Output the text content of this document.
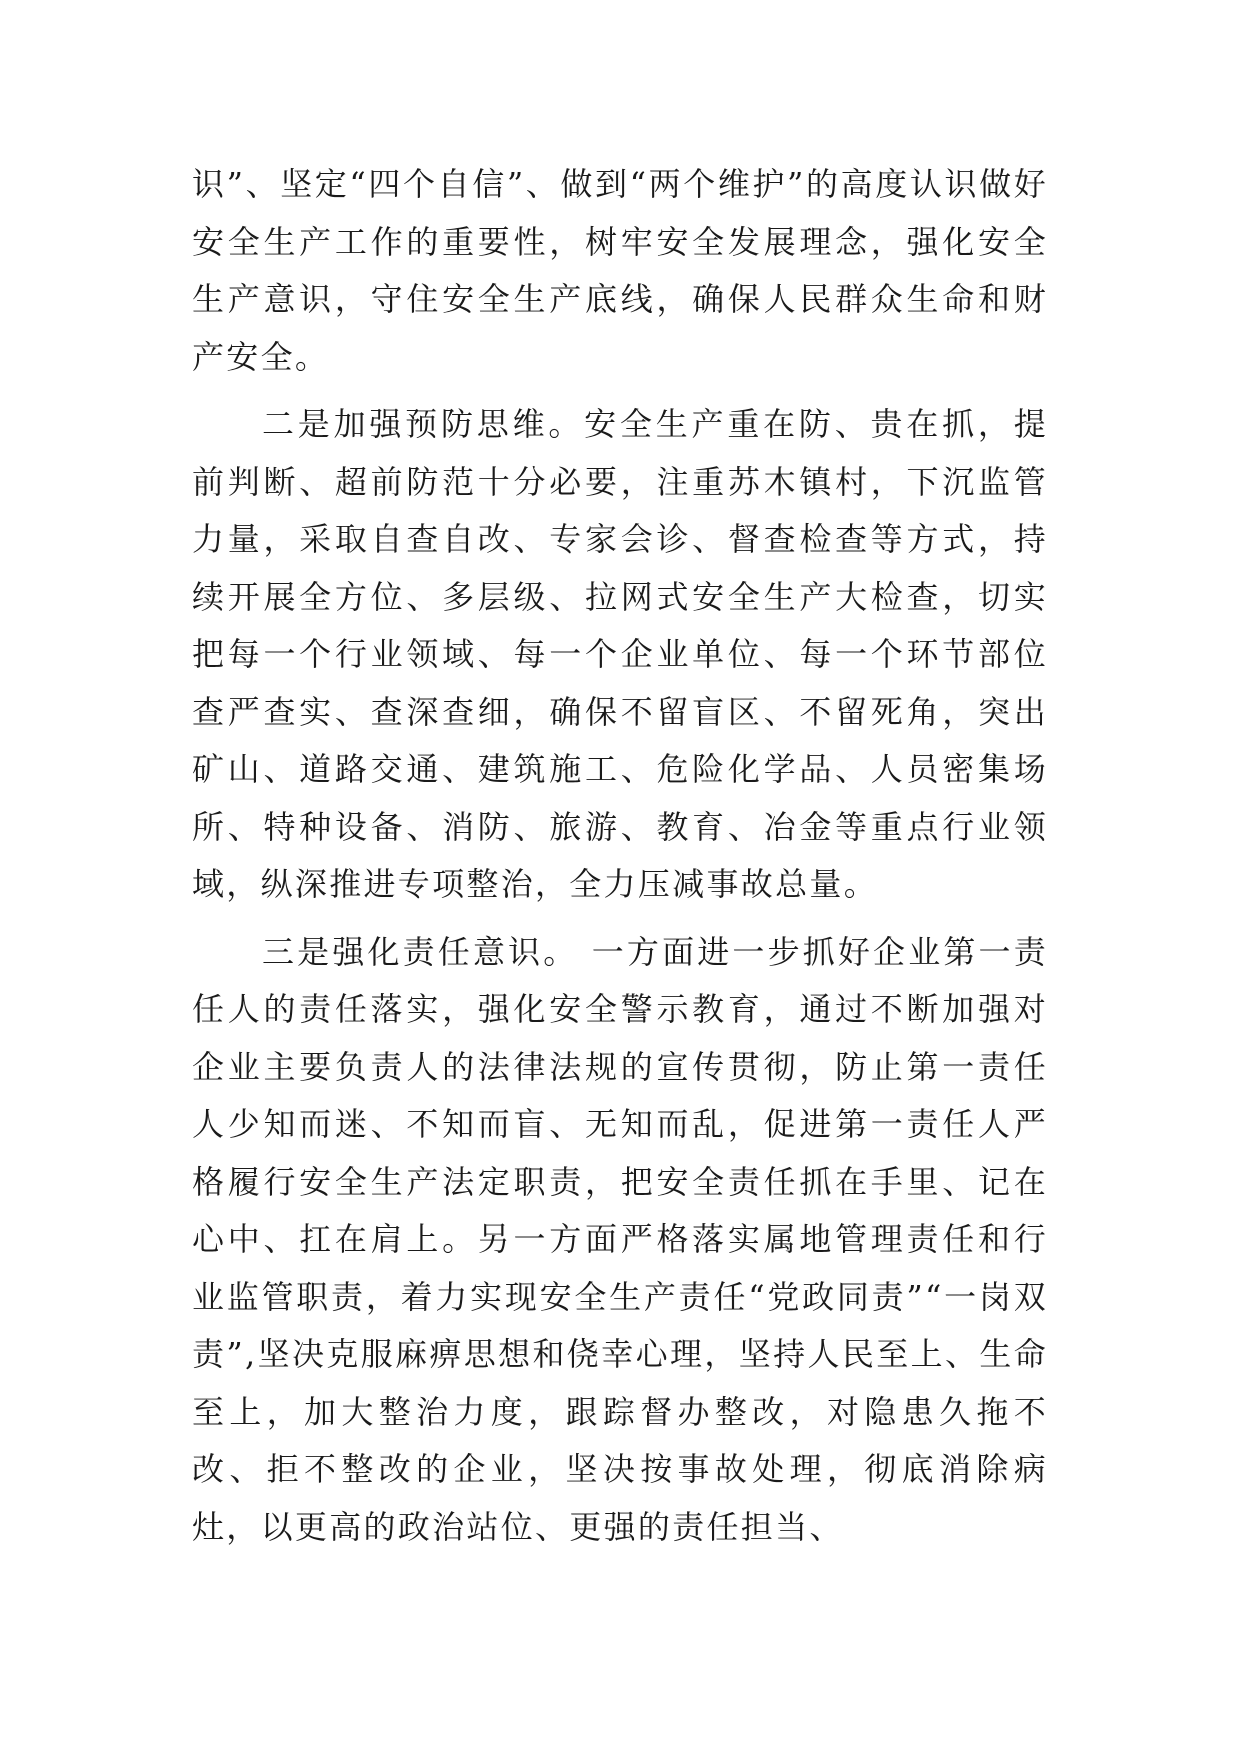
识”、坚定“四个自信”、做到“两个维护”的高度认识做好安全生产工作的重要性，树牢安全发展理念，强化安全生产意识，守住安全生产底线，确保人民群众生命和财产安全。

二是加强预防思维。安全生产重在防、贵在抓，提前判断、超前防范十分必要，注重苏木镇村，下沉监管力量，采取自查自改、专家会诊、督查检查等方式，持续开展全方位、多层级、拉网式安全生产大检查，切实把每一个行业领域、每一个企业单位、每一个环节部位查严查实、查深查细，确保不留盲区、不留死角，突出矿山、道路交通、建筑施工、危险化学品、人员密集场所、特种设备、消防、旅游、教育、冶金等重点行业领域，纵深推进专项整治，全力压减事故总量。

三是强化责任意识。 一方面进一步抓好企业第一责任人的责任落实，强化安全警示教育，通过不断加强对企业主要负责人的法律法规的宣传贯彻，防止第一责任人少知而迷、不知而盲、无知而乱，促进第一责任人严格履行安全生产法定职责，把安全责任抓在手里、记在心中、扛在肩上。另一方面严格落实属地管理责任和行业监管职责，着力实现安全生产责任“党政同责”“一岗双责”,坚决克服麻痹思想和侥幸心理，坚持人民至上、生命至上，加大整治力度，跟踪督办整改，对隐患久拖不改、拒不整改的企业，坚决按事故处理，彻底消除病灶，以更高的政治站位、更强的责任担当、
